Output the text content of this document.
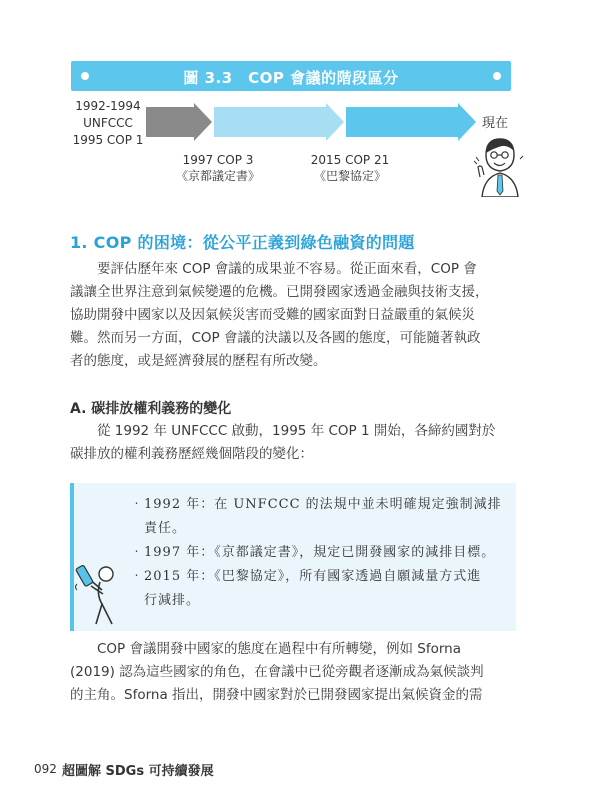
圖 3.3　COP 會議的階段區分
1992-1994
UNFCCC
1995 COP 1
現在
1997 COP 3
《京都議定書》
2015 COP 21
《巴黎協定》
1. COP 的困境：從公平正義到綠色融資的問題
要評估歷年來 COP 會議的成果並不容易。從正面來看，COP 會
議讓全世界注意到氣候變遷的危機。已開發國家透過金融與技術支援，
協助開發中國家以及因氣候災害而受難的國家面對日益嚴重的氣候災
難。然而另一方面，COP 會議的決議以及各國的態度，可能隨著執政
者的態度，或是經濟發展的歷程有所改變。
A. 碳排放權利義務的變化
從 1992 年 UNFCCC 啟動，1995 年 COP 1 開始，各締約國對於
碳排放的權利義務歷經幾個階段的變化：
‧1992 年：在 UNFCCC 的法規中並未明確規定強制減排
　責任。
‧1997 年：《京都議定書》，規定已開發國家的減排目標。
‧2015 年：《巴黎協定》，所有國家透過自願減量方式進
　行減排。
COP 會議開發中國家的態度在過程中有所轉變，例如 Sforna
(2019) 認為這些國家的角色，在會議中已從旁觀者逐漸成為氣候談判
的主角。Sforna 指出，開發中國家對於已開發國家提出氣候資金的需
092 超圖解 SDGs 可持續發展
